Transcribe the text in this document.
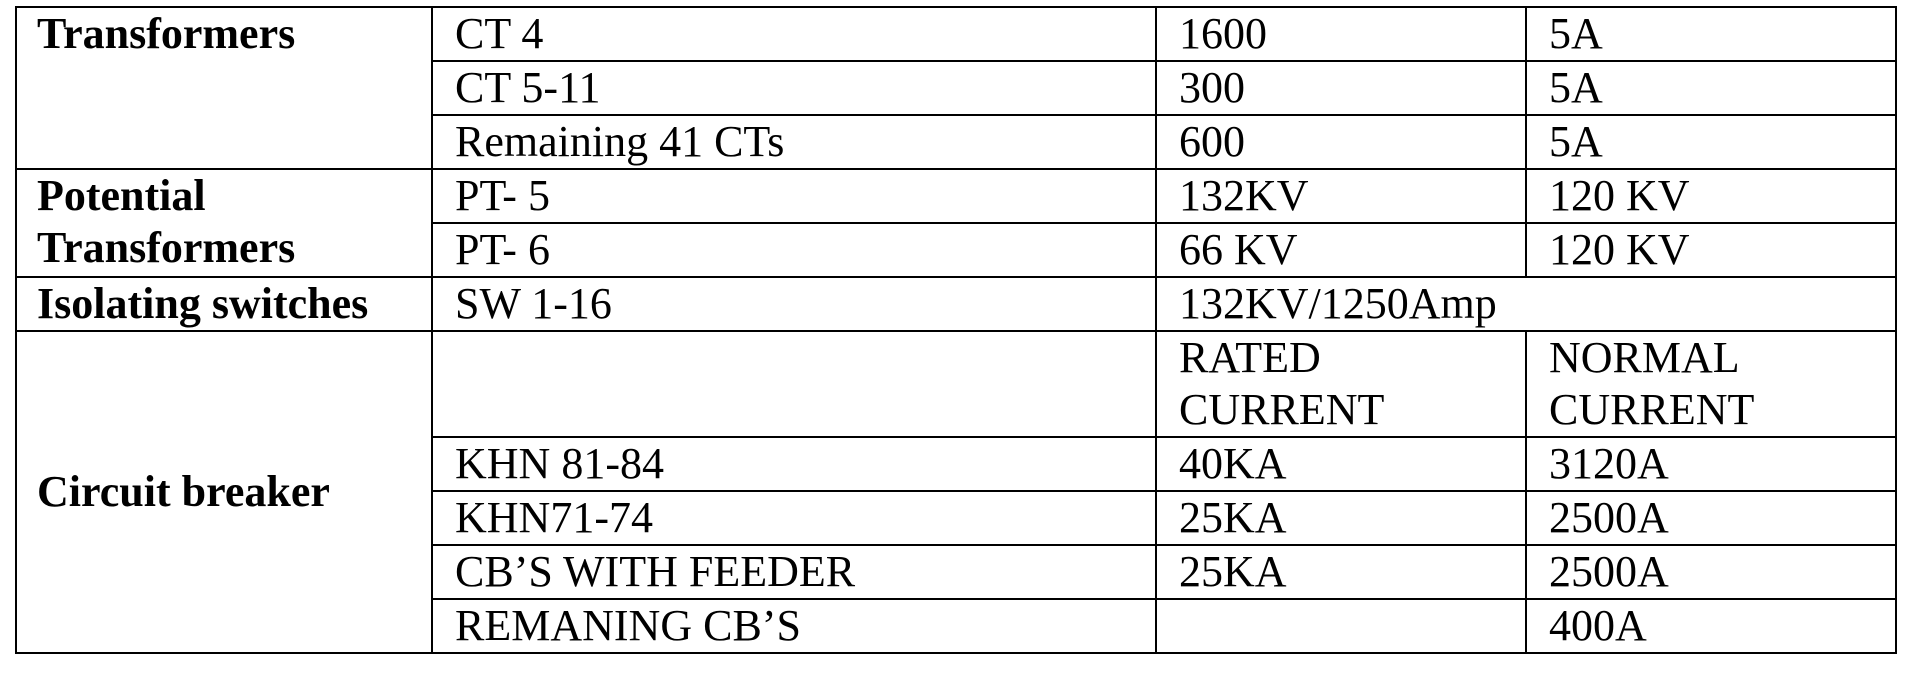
Transformers	CT 4	1600	5A
	CT 5-11	300	5A
	Remaining 41 CTs	600	5A
Potential Transformers	PT- 5	132KV	120 KV
	PT- 6	66 KV	120 KV
Isolating switches	SW 1-16	132KV/1250Amp	

Circuit breaker		RATED CURRENT	NORMAL CURRENT
	KHN 81-84	40KA	3120A
	KHN71-74	25KA	2500A
	CB’S WITH FEEDER	25KA	2500A
	REMANING CB’S		400A
